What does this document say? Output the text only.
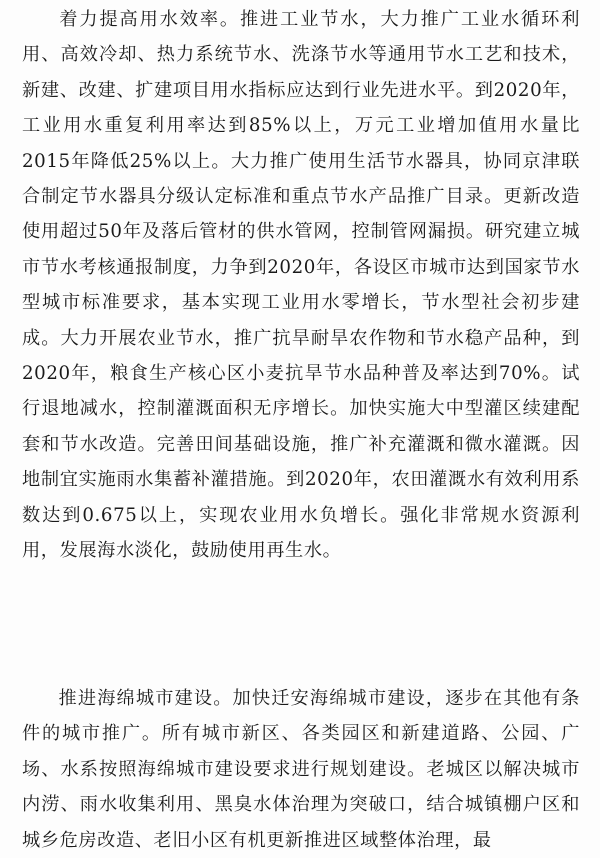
着力提高用水效率。推进工业节水，大力推广工业水循环利用、高效冷却、热力系统节水、洗涤节水等通用节水工艺和技术，新建、改建、扩建项目用水指标应达到行业先进水平。到2020年，工业用水重复利用率达到85%以上，万元工业增加值用水量比2015年降低25%以上。大力推广使用生活节水器具，协同京津联合制定节水器具分级认定标准和重点节水产品推广目录。更新改造使用超过50年及落后管材的供水管网，控制管网漏损。研究建立城市节水考核通报制度，力争到2020年，各设区市城市达到国家节水型城市标准要求，基本实现工业用水零增长，节水型社会初步建成。大力开展农业节水，推广抗旱耐旱农作物和节水稳产品种，到2020年，粮食生产核心区小麦抗旱节水品种普及率达到70%。试行退地减水，控制灌溉面积无序增长。加快实施大中型灌区续建配套和节水改造。完善田间基础设施，推广补充灌溉和微水灌溉。因地制宜实施雨水集蓄补灌措施。到2020年，农田灌溉水有效利用系数达到0.675以上，实现农业用水负增长。强化非常规水资源利用，发展海水淡化，鼓励使用再生水。

推进海绵城市建设。加快迁安海绵城市建设，逐步在其他有条件的城市推广。所有城市新区、各类园区和新建道路、公园、广场、水系按照海绵城市建设要求进行规划建设。老城区以解决城市内涝、雨水收集利用、黑臭水体治理为突破口，结合城镇棚户区和城乡危房改造、老旧小区有机更新推进区域整体治理，最
